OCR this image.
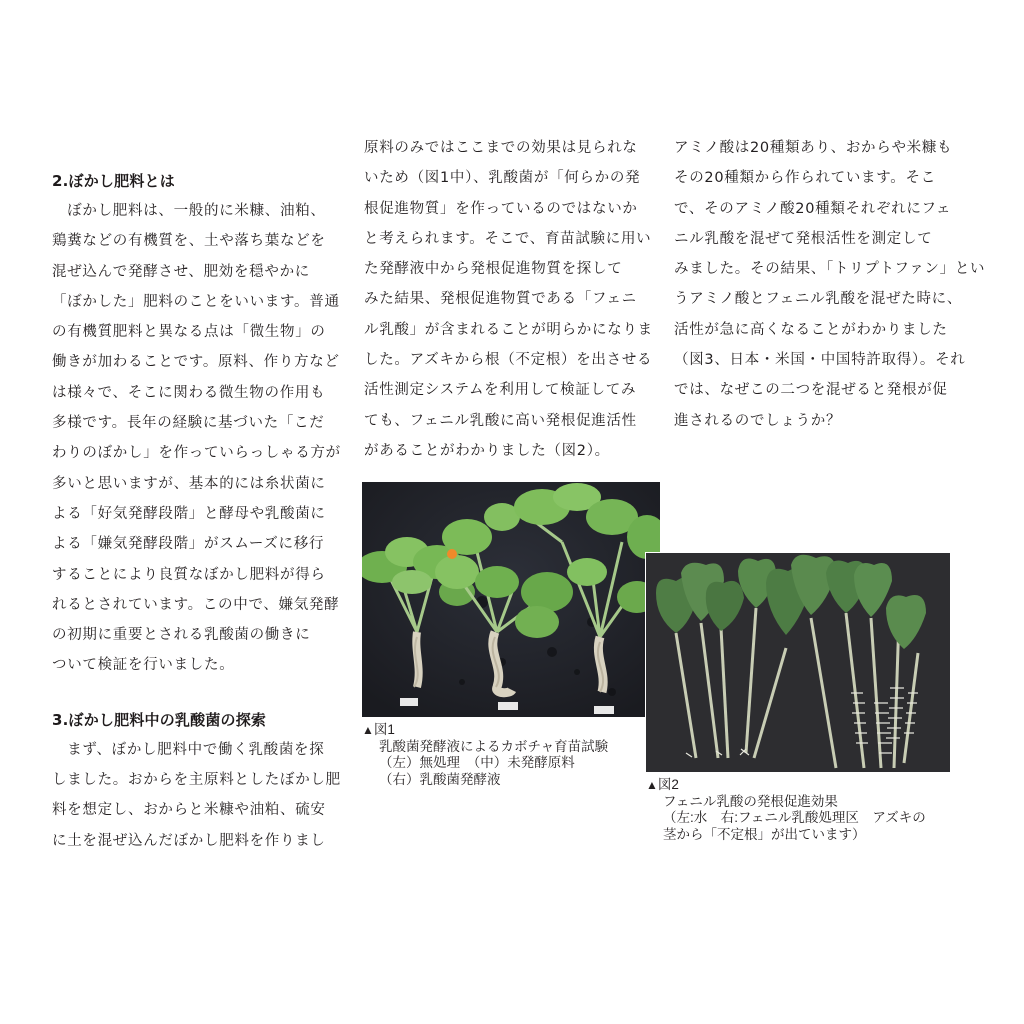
2.ぼかし肥料とは
　ぼかし肥料は、一般的に米糠、油粕、
鶏糞などの有機質を、土や落ち葉などを
混ぜ込んで発酵させ、肥効を穏やかに
「ぼかした」肥料のことをいいます。普通
の有機質肥料と異なる点は「微生物」の
働きが加わることです。原料、作り方など
は様々で、そこに関わる微生物の作用も
多様です。長年の経験に基づいた「こだ
わりのぼかし」を作っていらっしゃる方が
多いと思いますが、基本的には糸状菌に
よる「好気発酵段階」と酵母や乳酸菌に
よる「嫌気発酵段階」がスムーズに移行
することにより良質なぼかし肥料が得ら
れるとされています。この中で、嫌気発酵
の初期に重要とされる乳酸菌の働きに
ついて検証を行いました。
3.ぼかし肥料中の乳酸菌の探索
　まず、ぼかし肥料中で働く乳酸菌を探
しました。おからを主原料としたぼかし肥
料を想定し、おからと米糠や油粕、硫安
に土を混ぜ込んだぼかし肥料を作りまし
原料のみではここまでの効果は見られな
いため（図1中）、乳酸菌が「何らかの発
根促進物質」を作っているのではないか
と考えられます。そこで、育苗試験に用い
た発酵液中から発根促進物質を探して
みた結果、発根促進物質である「フェニ
ル乳酸」が含まれることが明らかになりま
した。アズキから根（不定根）を出させる
活性測定システムを利用して検証してみ
ても、フェニル乳酸に高い発根促進活性
があることがわかりました（図2）。
アミノ酸は20種類あり、おからや米糠も
その20種類から作られています。そこ
で、そのアミノ酸20種類それぞれにフェ
ニル乳酸を混ぜて発根活性を測定して
みました。その結果、「トリプトファン」とい
うアミノ酸とフェニル乳酸を混ぜた時に、
活性が急に高くなることがわかりました
（図3、日本・米国・中国特許取得）。それ
では、なぜこの二つを混ぜると発根が促
進されるのでしょうか？
▲図1
乳酸菌発酵液によるカボチャ育苗試験
（左）無処理　（中）未発酵原料
（右）乳酸菌発酵液	▲図2
フェニル乳酸の発根促進効果
（左:水　右:フェニル乳酸処理区　アズキの
茎から「不定根」が出ています）
